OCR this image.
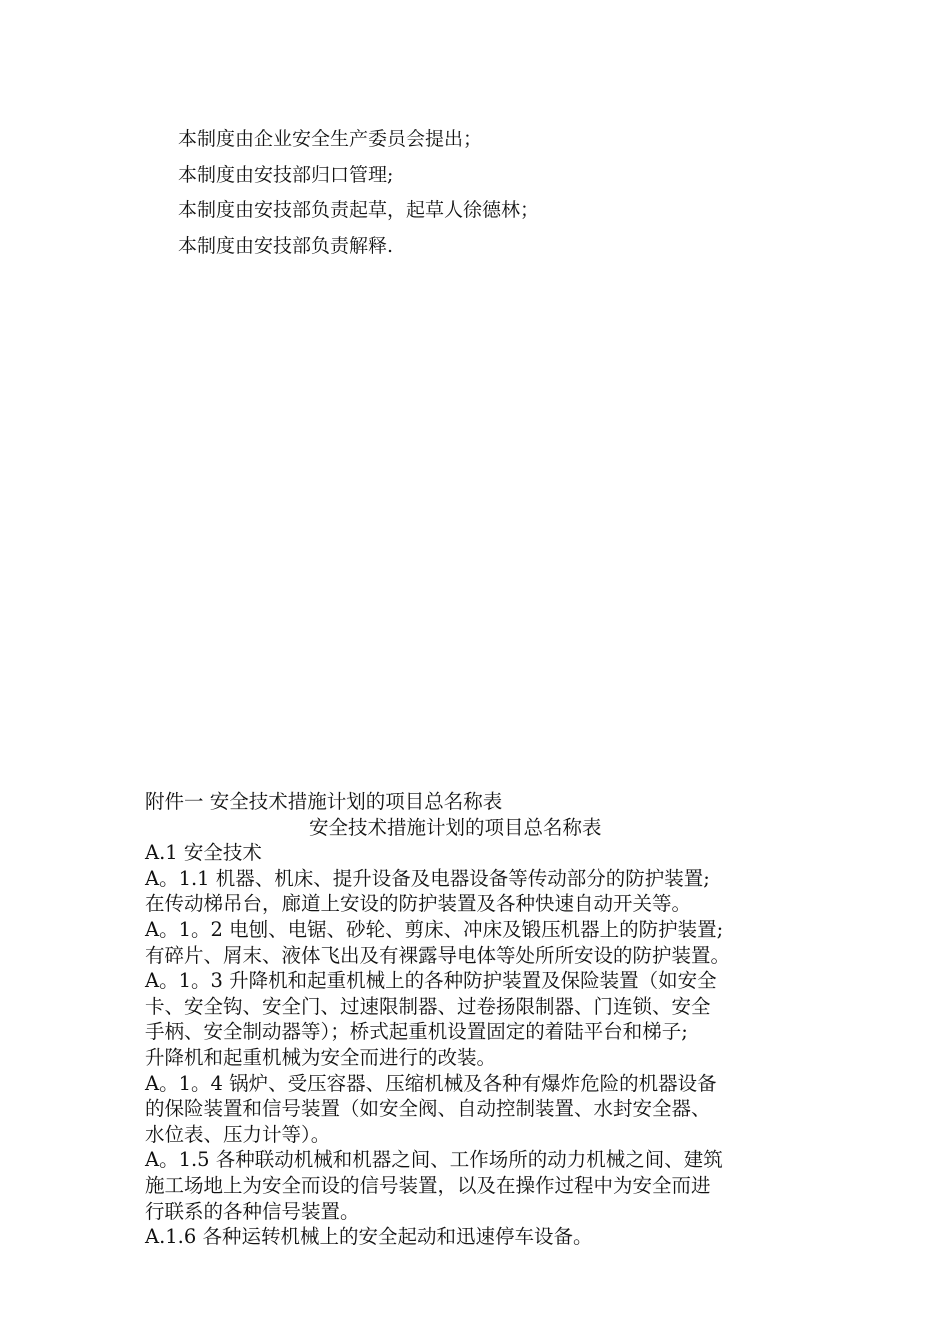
本制度由企业安全生产委员会提出；
本制度由安技部归口管理;
本制度由安技部负责起草，起草人徐德林；
本制度由安技部负责解释.
附件一 安全技术措施计划的项目总名称表
安全技术措施计划的项目总名称表
A.1 安全技术
A。1.1 机器、机床、提升设备及电器设备等传动部分的防护装置;
在传动梯吊台，廊道上安设的防护装置及各种快速自动开关等。
A。1。2 电刨、电锯、砂轮、剪床、冲床及锻压机器上的防护装置;
有碎片、屑末、液体飞出及有裸露导电体等处所所安设的防护装置。
A。1。3 升降机和起重机械上的各种防护装置及保险装置（如安全
卡、安全钩、安全门、过速限制器、过卷扬限制器、门连锁、安全
手柄、安全制动器等）；桥式起重机设置固定的着陆平台和梯子;
升降机和起重机械为安全而进行的改装。
A。1。4 锅炉、受压容器、压缩机械及各种有爆炸危险的机器设备
的保险装置和信号装置（如安全阀、自动控制装置、水封安全器、
水位表、压力计等）。
A。1.5 各种联动机械和机器之间、工作场所的动力机械之间、建筑
施工场地上为安全而设的信号装置，以及在操作过程中为安全而进
行联系的各种信号装置。
A.1.6 各种运转机械上的安全起动和迅速停车设备。
